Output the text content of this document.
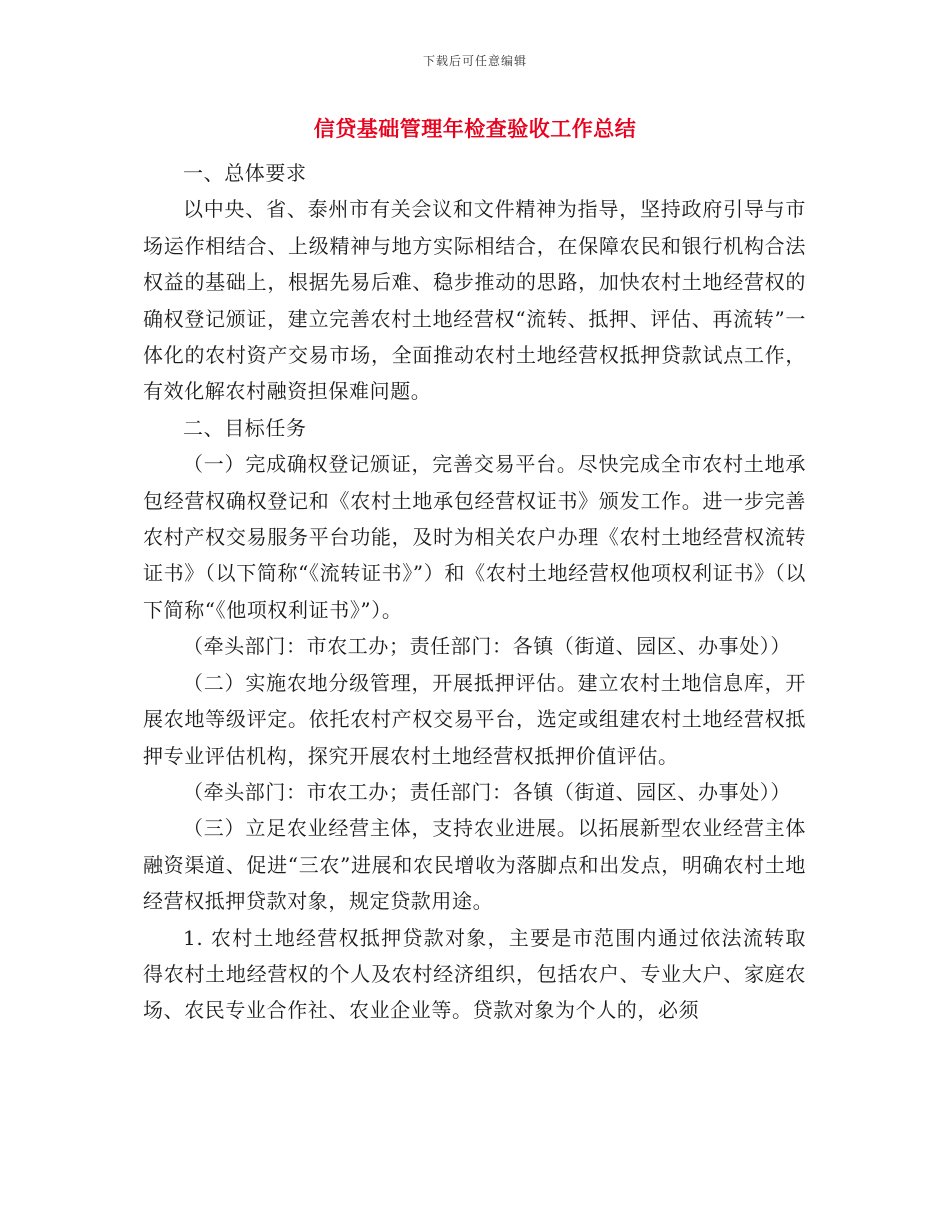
下载后可任意编辑
信贷基础管理年检查验收工作总结

一、总体要求

以中央、省、泰州市有关会议和文件精神为指导，坚持政府引导与市场运作相结合、上级精神与地方实际相结合，在保障农民和银行机构合法权益的基础上，根据先易后难、稳步推动的思路，加快农村土地经营权的确权登记颁证，建立完善农村土地经营权“流转、抵押、评估、再流转”一体化的农村资产交易市场，全面推动农村土地经营权抵押贷款试点工作，有效化解农村融资担保难问题。

二、目标任务

（一）完成确权登记颁证，完善交易平台。尽快完成全市农村土地承包经营权确权登记和《农村土地承包经营权证书》颁发工作。进一步完善农村产权交易服务平台功能，及时为相关农户办理《农村土地经营权流转证书》（以下简称“《流转证书》”）和《农村土地经营权他项权利证书》（以下简称“《他项权利证书》”）。

（牵头部门：市农工办；责任部门：各镇（街道、园区、办事处））

（二）实施农地分级管理，开展抵押评估。建立农村土地信息库，开展农地等级评定。依托农村产权交易平台，选定或组建农村土地经营权抵押专业评估机构，探究开展农村土地经营权抵押价值评估。

（牵头部门：市农工办；责任部门：各镇（街道、园区、办事处））

（三）立足农业经营主体，支持农业进展。以拓展新型农业经营主体融资渠道、促进“三农”进展和农民增收为落脚点和出发点，明确农村土地经营权抵押贷款对象，规定贷款用途。

1. 农村土地经营权抵押贷款对象，主要是市范围内通过依法流转取得农村土地经营权的个人及农村经济组织，包括农户、专业大户、家庭农场、农民专业合作社、农业企业等。贷款对象为个人的，必须
